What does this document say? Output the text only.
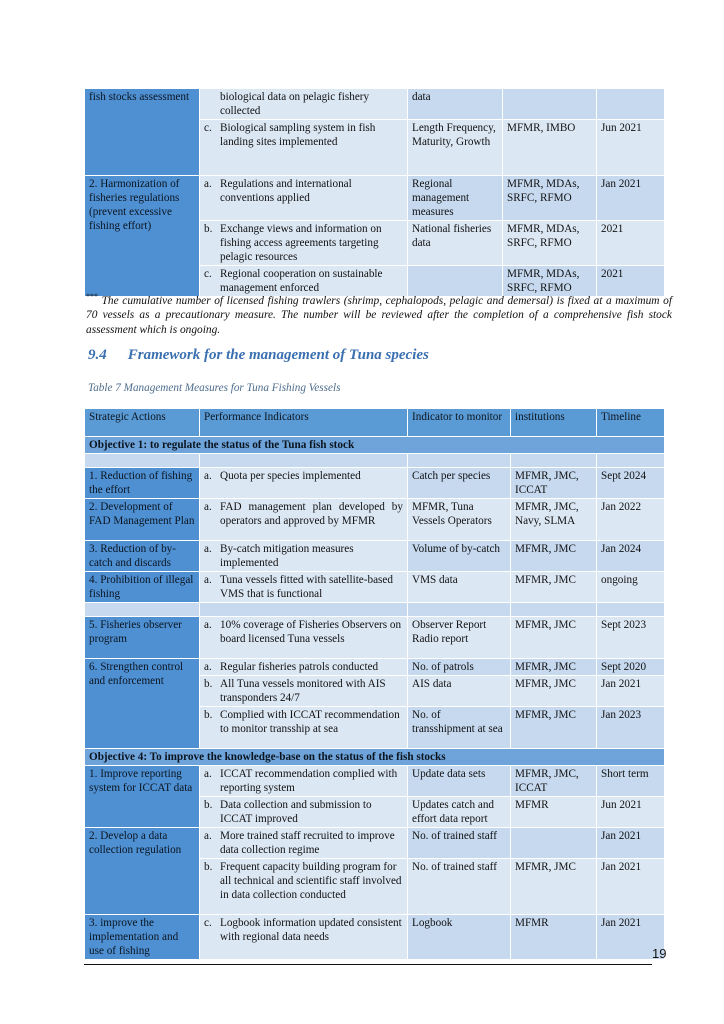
fish stocks assessment	biological data on pelagic fishery collected	data		

	c. Biological sampling system in fish landing sites implemented	Length Frequency, Maturity, Growth	MFMR, IMBO	Jun 2021
2. Harmonization of fisheries regulations (prevent excessive fishing effort)	a. Regulations and international conventions applied	Regional management measures	MFMR, MDAs, SRFC, RFMO	Jan 2021

	b. Exchange views and information on fishing access agreements targeting pelagic resources	National fisheries data	MFMR, MDAs, SRFC, RFMO	2021

	c. Regional cooperation on sustainable management enforced		MFMR, MDAs, SRFC, RFMO	2021
*** The cumulative number of licensed fishing trawlers (shrimp, cephalopods, pelagic and demersal) is fixed at a maximum of 70 vessels as a precautionary measure. The number will be reviewed after the completion of a comprehensive fish stock assessment which is ongoing.
9.4 Framework for the management of Tuna species
Table 7 Management Measures for Tuna Fishing Vessels
Strategic Actions	Performance Indicators	Indicator to monitor	institutions	Timeline
Objective 1: to regulate the status of the Tuna fish stock				

1. Reduction of fishing the effort	a. Quota per species implemented	Catch per species	MFMR, JMC, ICCAT	Sept 2024
2. Development of FAD Management Plan	a. FAD management plan developed by operators and approved by MFMR	MFMR, Tuna Vessels Operators	MFMR, JMC, Navy, SLMA	Jan 2022
3. Reduction of by-catch and discards	a. By-catch mitigation measures implemented	Volume of by-catch	MFMR, JMC	Jan 2024
4. Prohibition of illegal fishing	a. Tuna vessels fitted with satellite-based VMS that is functional	VMS data	MFMR, JMC	ongoing

5. Fisheries observer program	a. 10% coverage of Fisheries Observers on board licensed Tuna vessels	Observer Report Radio report	MFMR, JMC	Sept 2023
6. Strengthen control and enforcement	a. Regular fisheries patrols conducted	No. of patrols	MFMR, JMC	Sept 2020

	b. All Tuna vessels monitored with AIS transponders 24/7	AIS data	MFMR, JMC	Jan 2021

	b. Complied with ICCAT recommendation to monitor transship at sea	No. of transshipment at sea	MFMR, JMC	Jan 2023
Objective 4: To improve the knowledge-base on the status of the fish stocks				
1. Improve reporting system for ICCAT data	a. ICCAT recommendation complied with reporting system	Update data sets	MFMR, JMC, ICCAT	Short term

	b. Data collection and submission to ICCAT improved	Updates catch and effort data report	MFMR	Jun 2021
2. Develop a data collection regulation	a. More trained staff recruited to improve data collection regime	No. of trained staff		Jan 2021

	b. Frequent capacity building program for all technical and scientific staff involved in data collection conducted	No. of trained staff	MFMR, JMC	Jan 2021
3. improve the implementation and use of fishing	c. Logbook information updated consistent with regional data needs	Logbook	MFMR	Jan 2021
19
